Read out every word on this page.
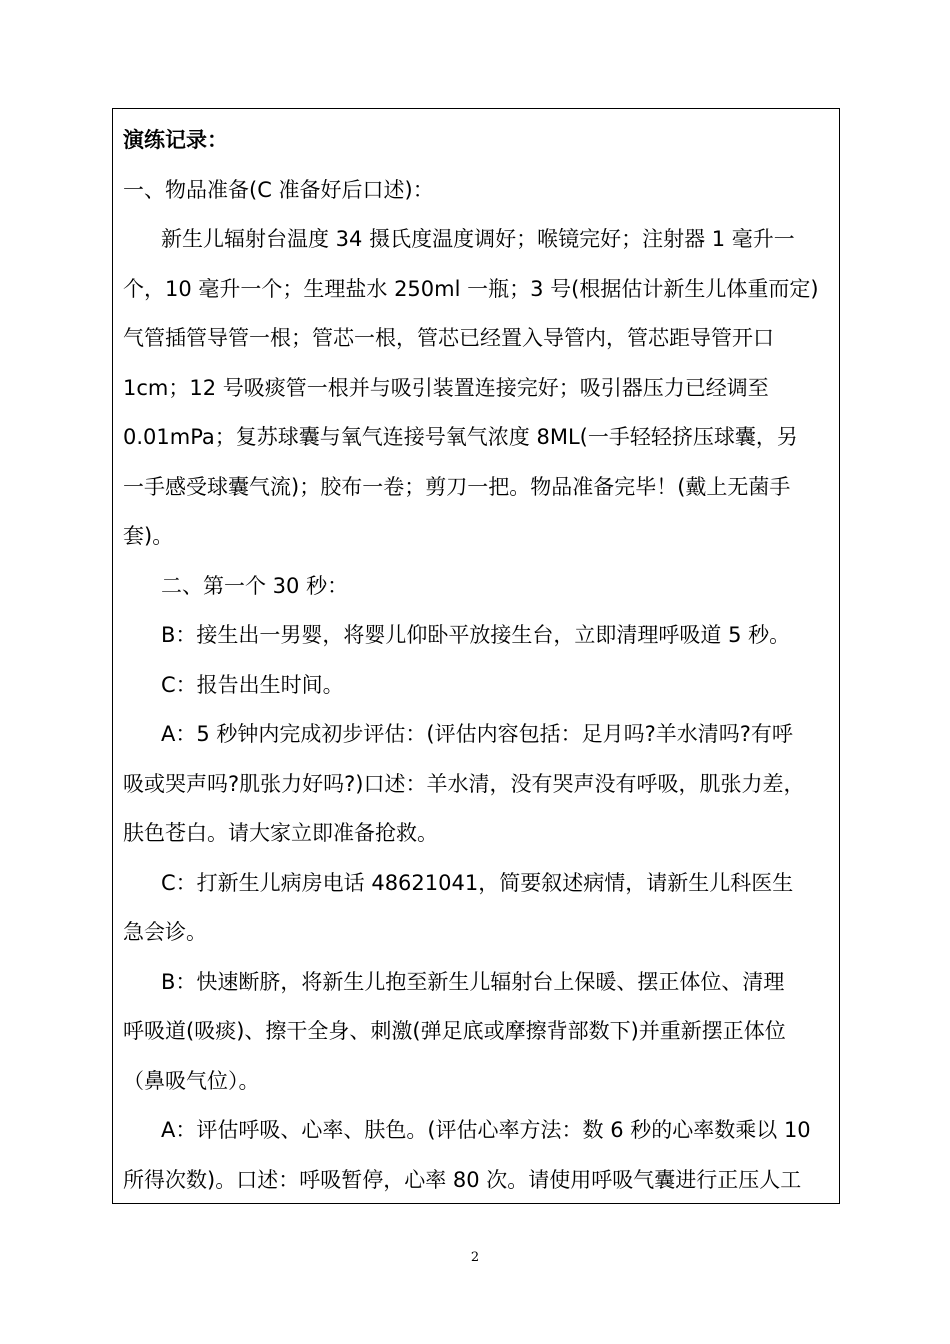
演练记录：
一、物品准备(C 准备好后口述)：
新生儿辐射台温度 34 摄氏度温度调好；喉镜完好；注射器 1 毫升一
个，10 毫升一个；生理盐水 250ml 一瓶；3 号(根据估计新生儿体重而定)
气管插管导管一根；管芯一根，管芯已经置入导管内，管芯距导管开口
1cm；12 号吸痰管一根并与吸引装置连接完好；吸引器压力已经调至
0.01mPa；复苏球囊与氧气连接号氧气浓度 8ML(一手轻轻挤压球囊，另
一手感受球囊气流)；胶布一卷；剪刀一把。物品准备完毕！(戴上无菌手
套)。
二、第一个 30 秒：
B：接生出一男婴，将婴儿仰卧平放接生台，立即清理呼吸道 5 秒。
C：报告出生时间。
A：5 秒钟内完成初步评估：(评估内容包括：足月吗?羊水清吗?有呼
吸或哭声吗?肌张力好吗?)口述：羊水清，没有哭声没有呼吸，肌张力差，
肤色苍白。请大家立即准备抢救。
C：打新生儿病房电话 48621041，简要叙述病情，请新生儿科医生
急会诊。
B：快速断脐，将新生儿抱至新生儿辐射台上保暖、摆正体位、清理
呼吸道(吸痰)、擦干全身、刺激(弹足底或摩擦背部数下)并重新摆正体位
（鼻吸气位）。
A：评估呼吸、心率、肤色。(评估心率方法：数 6 秒的心率数乘以 10
所得次数)。口述：呼吸暂停，心率 80 次。请使用呼吸气囊进行正压人工
2
